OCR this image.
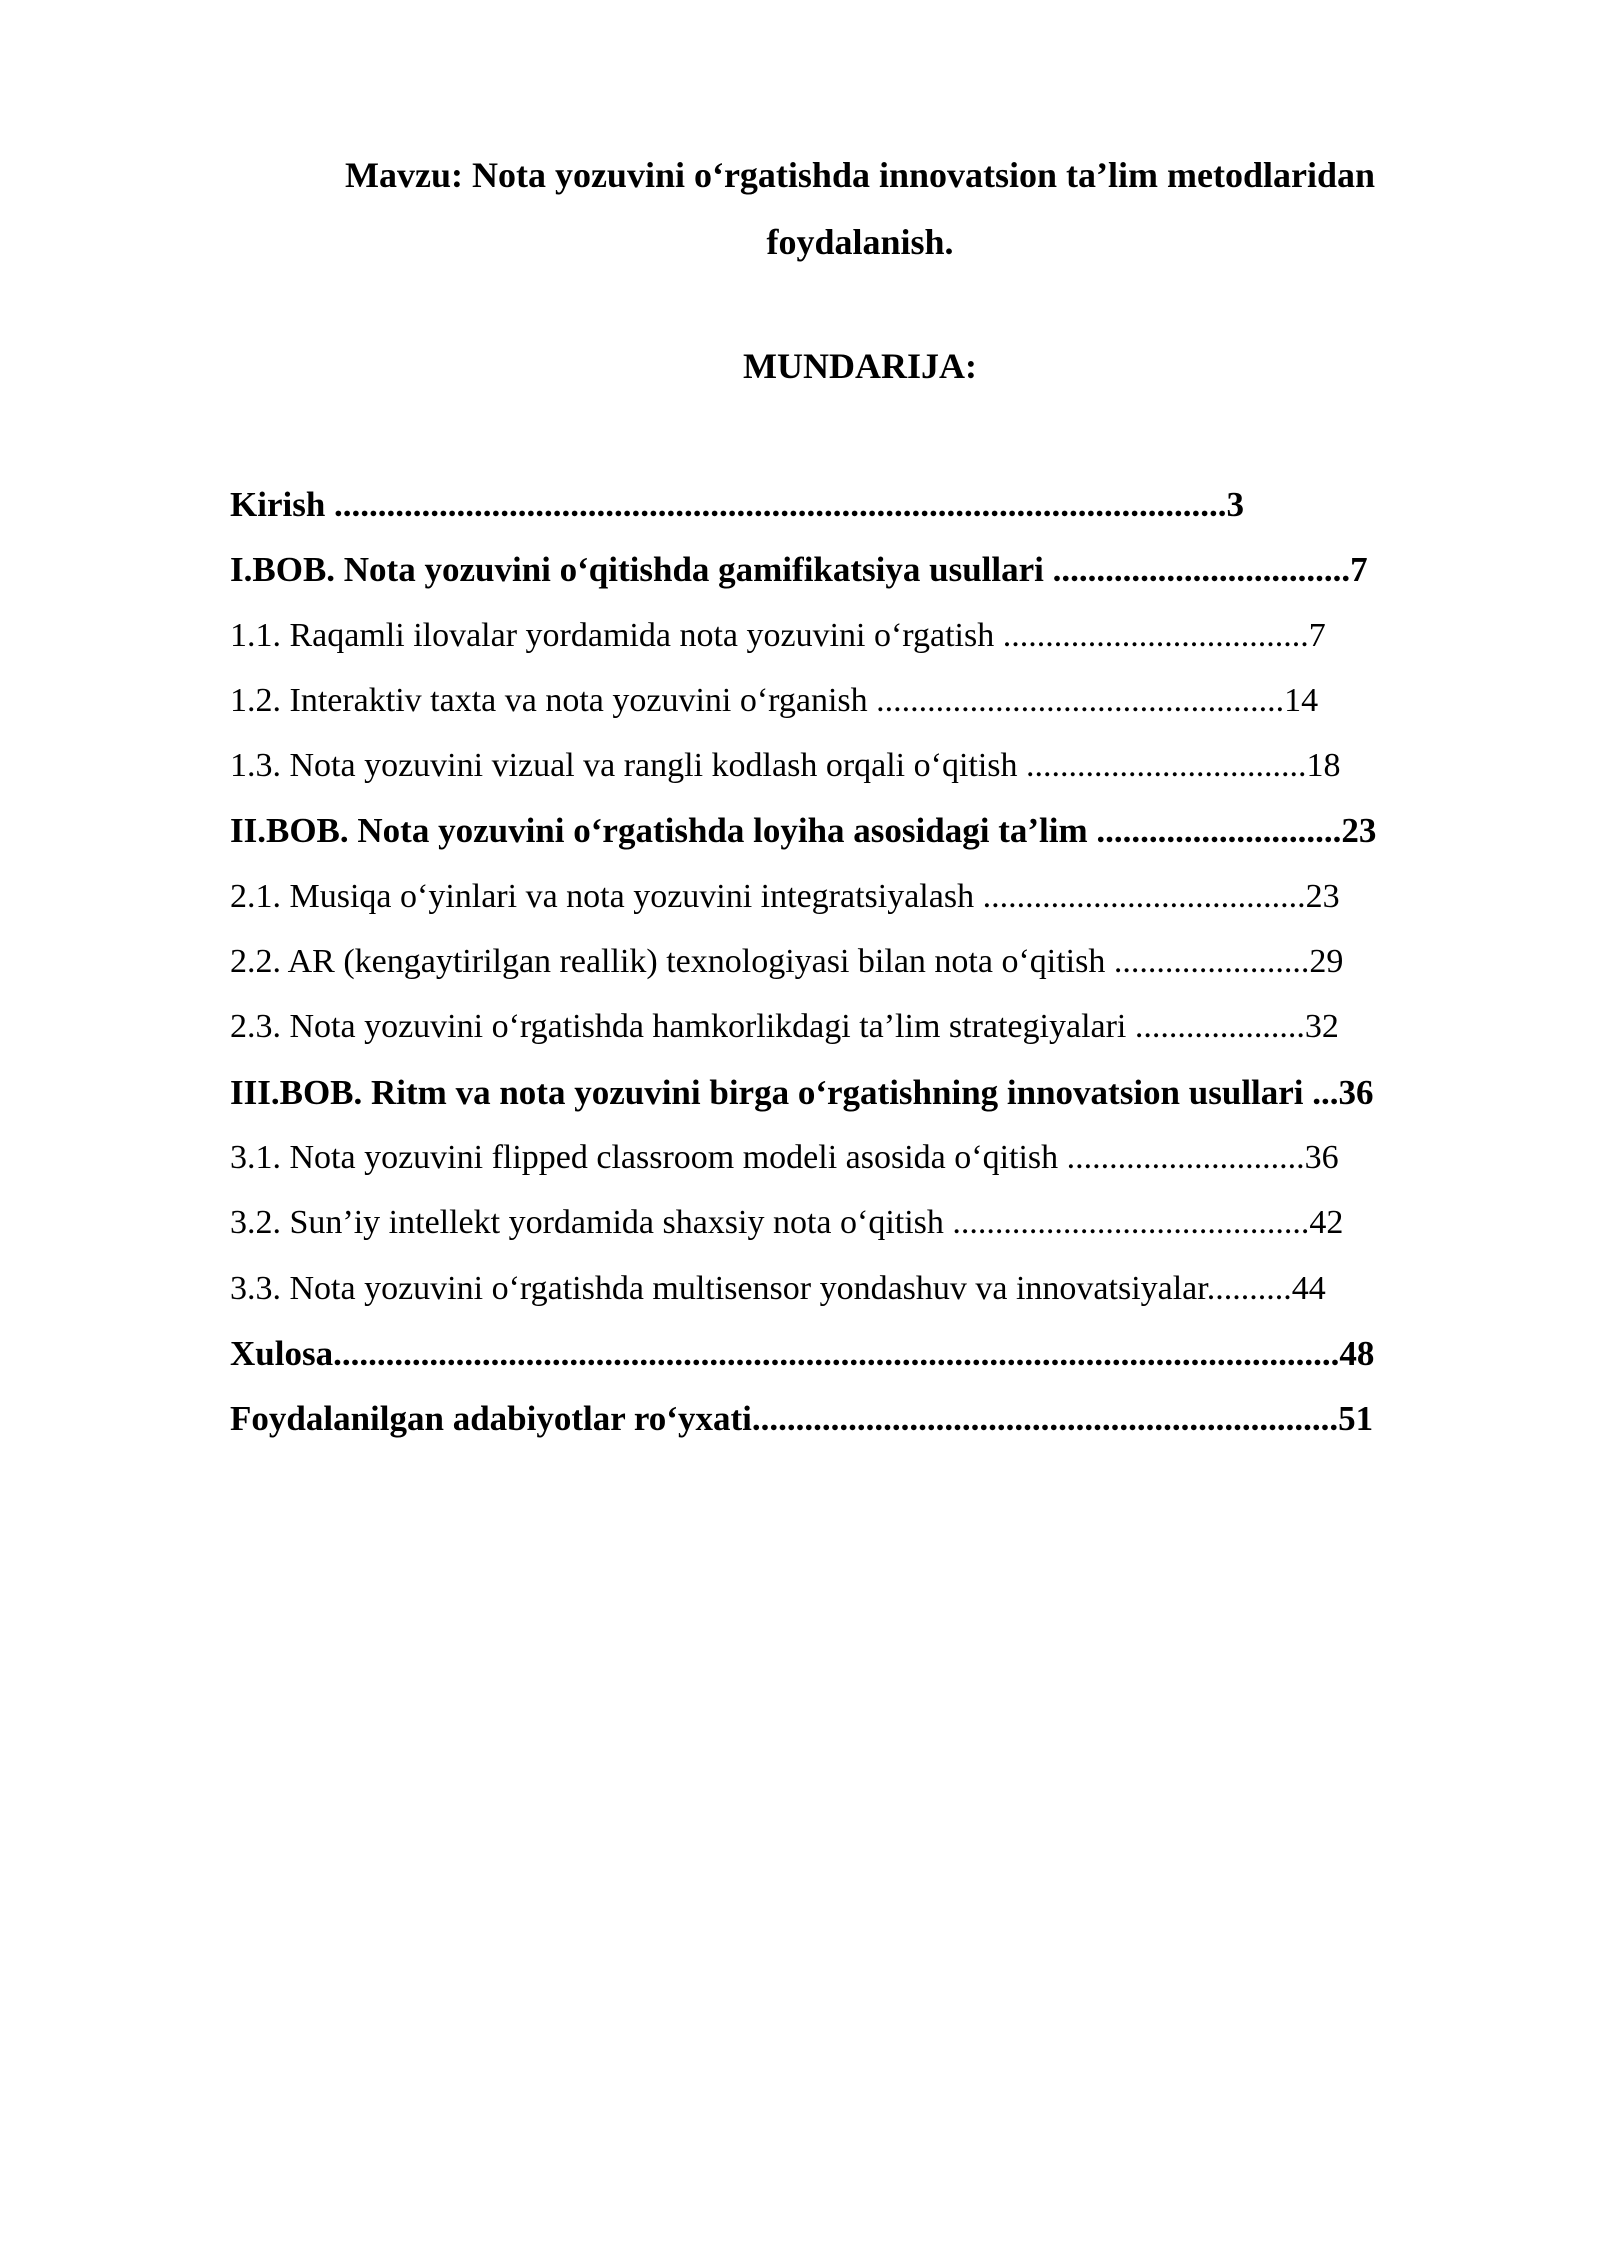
Mavzu: Nota yozuvini o‘rgatishda innovatsion ta’lim metodlaridan
foydalanish.

MUNDARIJA:

Kirish ......................................................................................................3
I.BOB. Nota yozuvini o‘qitishda gamifikatsiya usullari ..................................7
1.1. Raqamli ilovalar yordamida nota yozuvini o‘rgatish ....................................7
1.2. Interaktiv taxta va nota yozuvini o‘rganish ................................................14
1.3. Nota yozuvini vizual va rangli kodlash orqali o‘qitish .................................18
II.BOB. Nota yozuvini o‘rgatishda loyiha asosidagi ta’lim ............................23
2.1. Musiqa o‘yinlari va nota yozuvini integratsiyalash ......................................23
2.2. AR (kengaytirilgan reallik) texnologiyasi bilan nota o‘qitish .......................29
2.3. Nota yozuvini o‘rgatishda hamkorlikdagi ta’lim strategiyalari ....................32
III.BOB. Ritm va nota yozuvini birga o‘rgatishning innovatsion usullari ...36
3.1. Nota yozuvini flipped classroom modeli asosida o‘qitish ............................36
3.2. Sun’iy intellekt yordamida shaxsiy nota o‘qitish ..........................................42
3.3. Nota yozuvini o‘rgatishda multisensor yondashuv va innovatsiyalar..........44
Xulosa...................................................................................................................48
Foydalanilgan adabiyotlar ro‘yxati...................................................................51
